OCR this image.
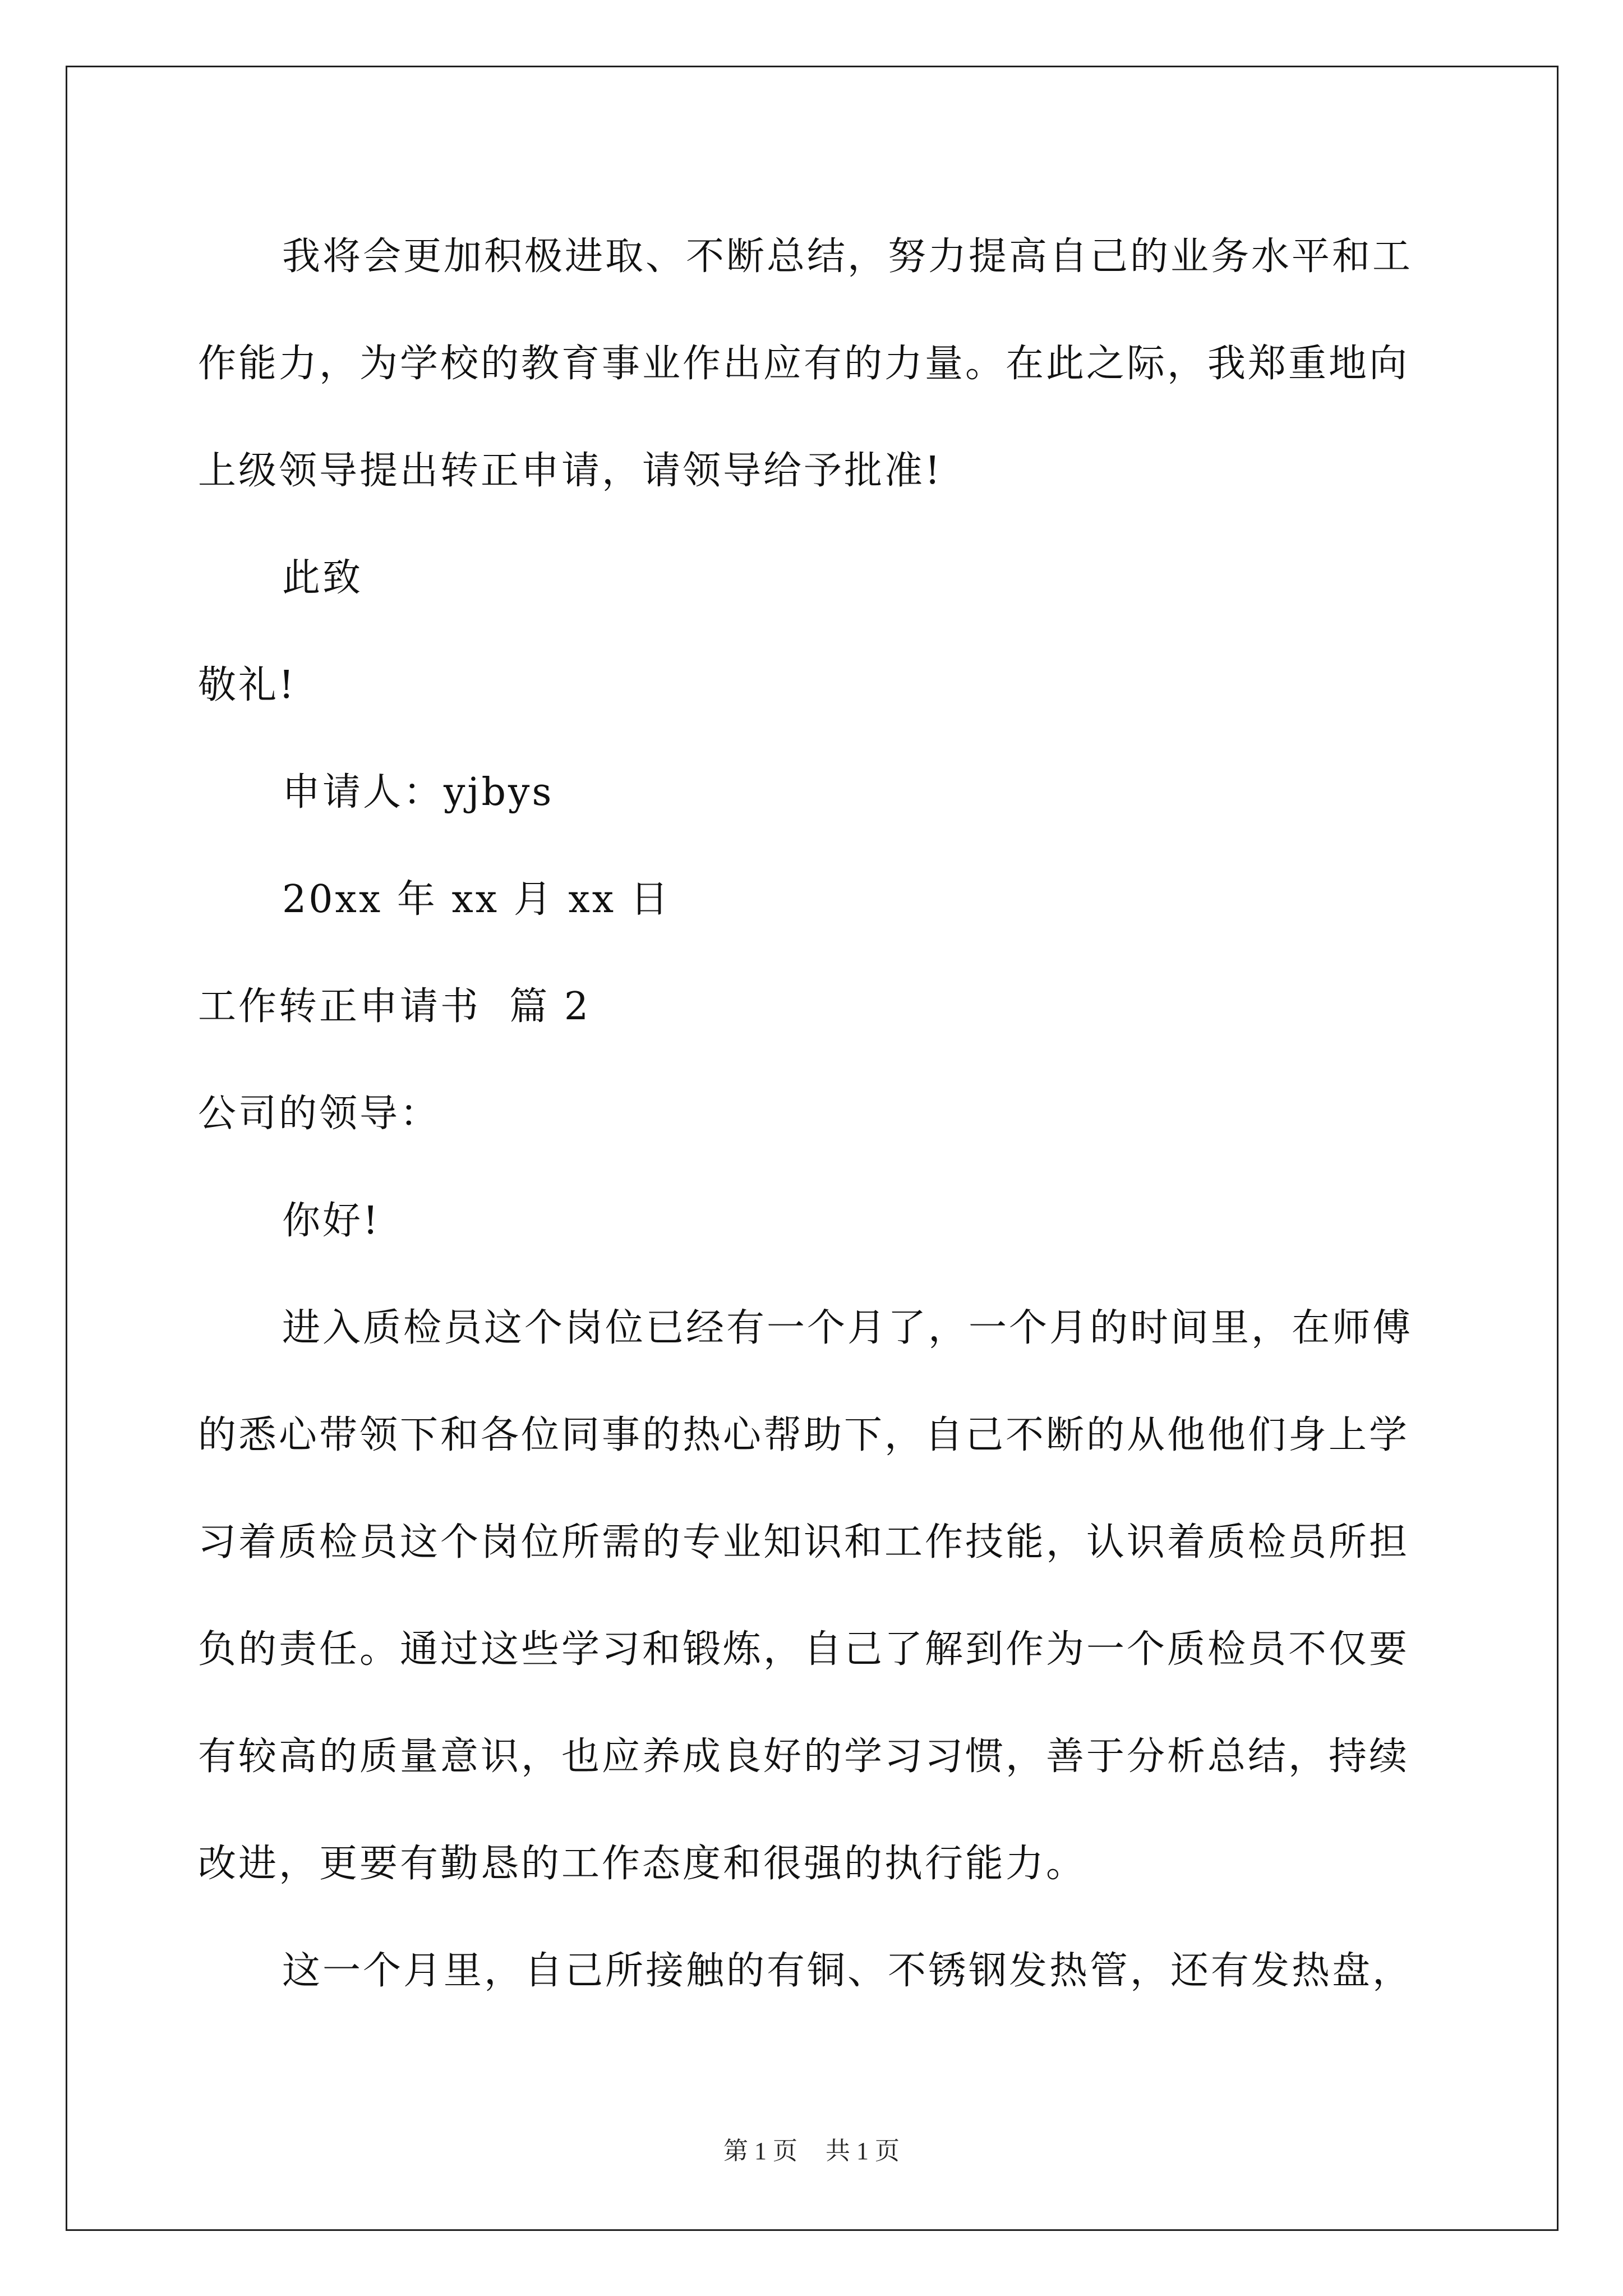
我将会更加积极进取、不断总结，努力提高自己的业务水平和工作能力，为学校的教育事业作出应有的力量。在此之际，我郑重地向上级领导提出转正申请，请领导给予批准!

此致

敬礼!

申请人：yjbys

20xx 年 xx 月 xx 日

工作转正申请书  篇 2

公司的领导：

你好!

进入质检员这个岗位已经有一个月了，一个月的时间里，在师傅的悉心带领下和各位同事的热心帮助下，自己不断的从他他们身上学习着质检员这个岗位所需的专业知识和工作技能，认识着质检员所担负的责任。通过这些学习和锻炼，自己了解到作为一个质检员不仅要有较高的质量意识，也应养成良好的学习习惯，善于分析总结，持续改进，更要有勤恳的工作态度和很强的执行能力。

这一个月里，自己所接触的有铜、不锈钢发热管，还有发热盘，

第 1 页 共 1 页
